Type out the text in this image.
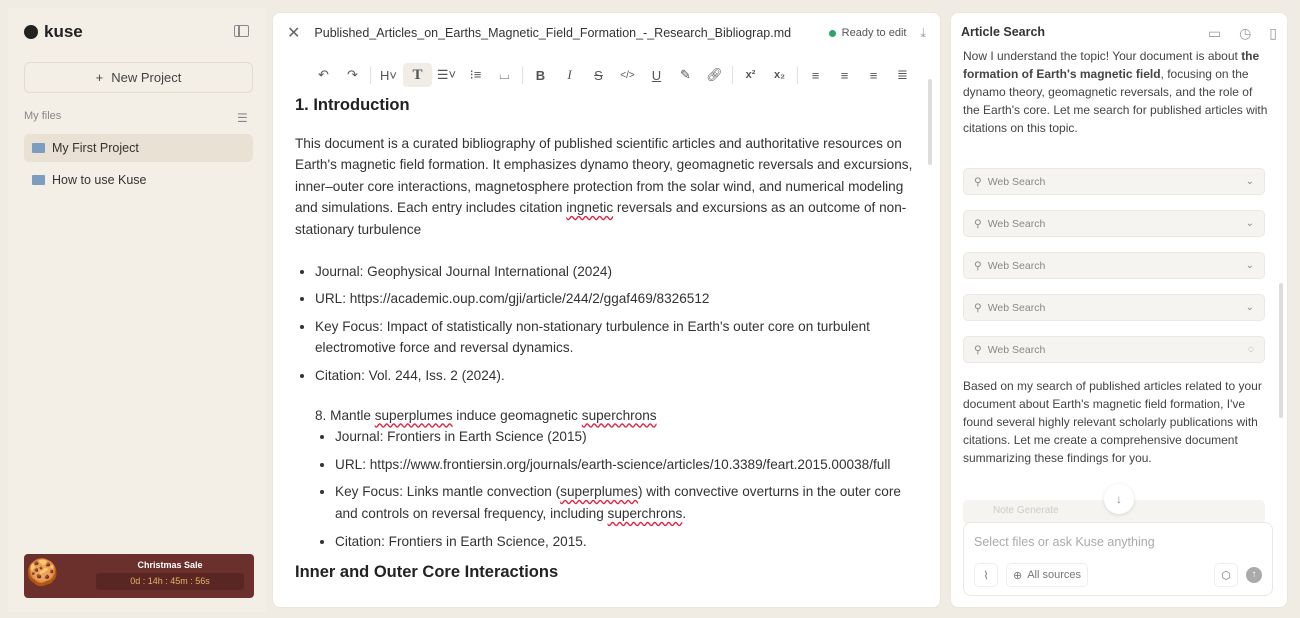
kuse
+ New Project
My files	☰
My First Project
How to use Kuse
🍪	Christmas Sale
0d : 14h : 45m : 56s
✕ Published_Articles_on_Earths_Magnetic_Field_Formation_-_Research_Bibliograp.md	Ready to edit ⤓
↶	↷	H˅	T	☰˅	⁝≡	⌴	B	I	S	</>	U	✎	🔗︎	x²	x₂	≡	≡	≡	≣
1. Introduction

This document is a curated bibliography of published scientific articles and authoritative resources on Earth's magnetic field formation. It emphasizes dynamo theory, geomagnetic reversals and excursions, inner–outer core interactions, magnetosphere protection from the solar wind, and numerical modeling and simulations. Each entry includes citation ingnetic reversals and excursions as an outcome of non-stationary turbulence

• Journal: Geophysical Journal International (2024)
• URL: https://academic.oup.com/gji/article/244/2/ggaf469/8326512
• Key Focus: Impact of statistically non-stationary turbulence in Earth's outer core on turbulent electromotive force and reversal dynamics.
• Citation: Vol. 244, Iss. 2 (2024).
8. Mantle superplumes induce geomagnetic superchrons
• Journal: Frontiers in Earth Science (2015)
• URL: https://www.frontiersin.org/journals/earth-science/articles/10.3389/feart.2015.00038/full
• Key Focus: Links mantle convection (superplumes) with convective overturns in the outer core and controls on reversal frequency, including superchrons.
• Citation: Frontiers in Earth Science, 2015.
Inner and Outer Core Interactions
Article Search	▭ ◷ ▯
Now I understand the topic! Your document is about the formation of Earth's magnetic field, focusing on the dynamo theory, geomagnetic reversals, and the role of the Earth's core. Let me search for published articles with citations on this topic.
⚲ Web Search	⌄
⚲ Web Search	⌄
⚲ Web Search	⌄
⚲ Web Search	⌄
⚲ Web Search	◌
Based on my search of published articles related to your document about Earth's magnetic field formation, I've found several highly relevant scholarly publications with citations. Let me create a comprehensive document summarizing these findings for you.
Note Generate
↓
Select files or ask Kuse anything
⌇	⊕ All sources	⬡	↑
